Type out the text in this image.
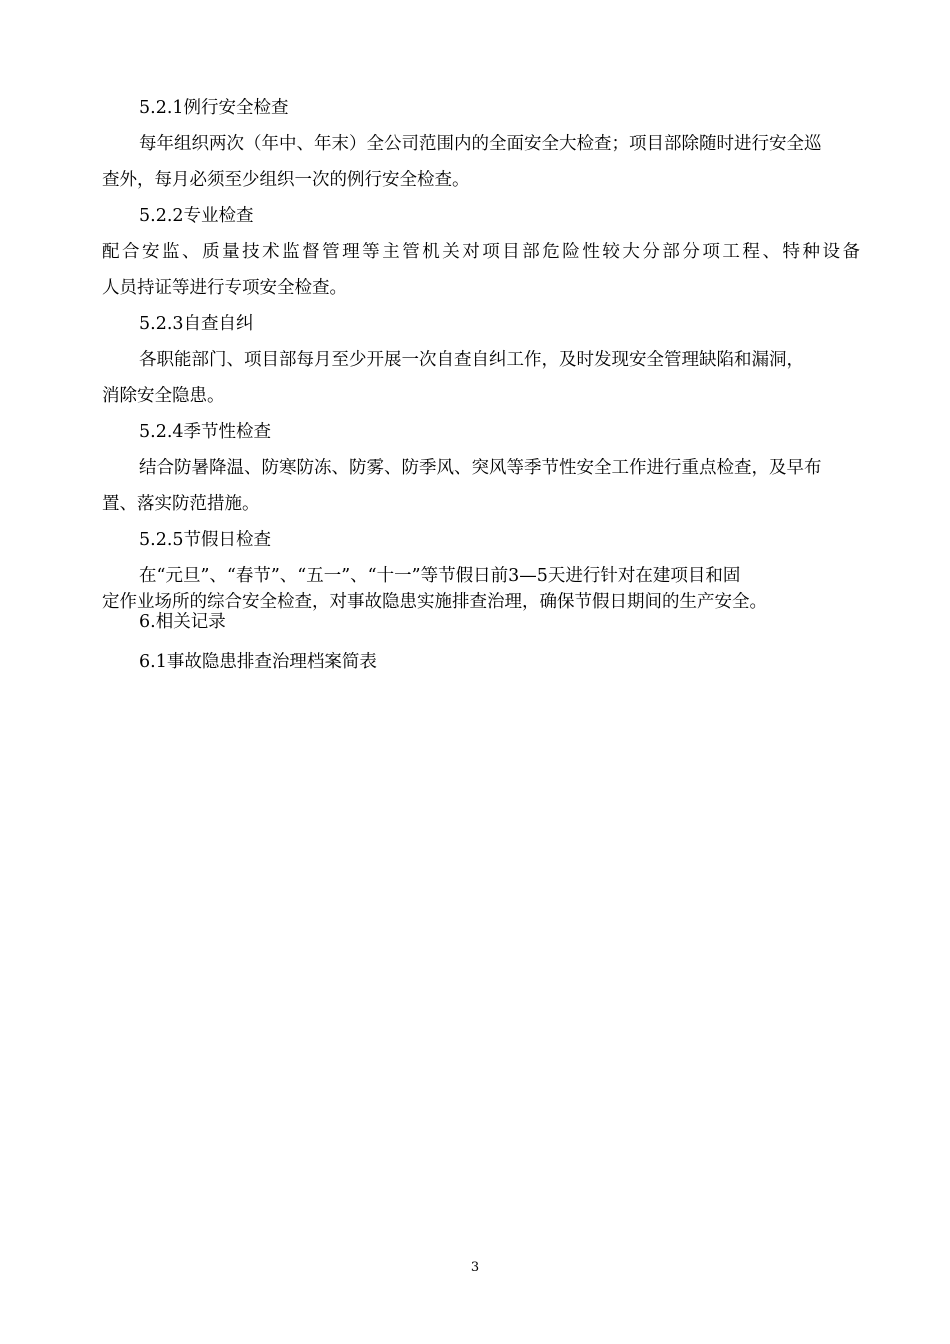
5.2.1例行安全检查
每年组织两次（年中、年末）全公司范围内的全面安全大检查；项目部除随时进行安全巡
查外，每月必须至少组织一次的例行安全检查。
5.2.2专业检查
配合安监、质量技术监督管理等主管机关对项目部危险性较大分部分项工程、特种设备
人员持证等进行专项安全检查。
5.2.3自查自纠
各职能部门、项目部每月至少开展一次自查自纠工作，及时发现安全管理缺陷和漏洞，
消除安全隐患。
5.2.4季节性检查
结合防暑降温、防寒防冻、防雾、防季风、突风等季节性安全工作进行重点检查，及早布
置、落实防范措施。
5.2.5节假日检查
在“元旦”、“春节”、“五一”、“十一”等节假日前3—5天进行针对在建项目和固
定作业场所的综合安全检查，对事故隐患实施排查治理，确保节假日期间的生产安全。
6.相关记录
6.1事故隐患排查治理档案简表
3
